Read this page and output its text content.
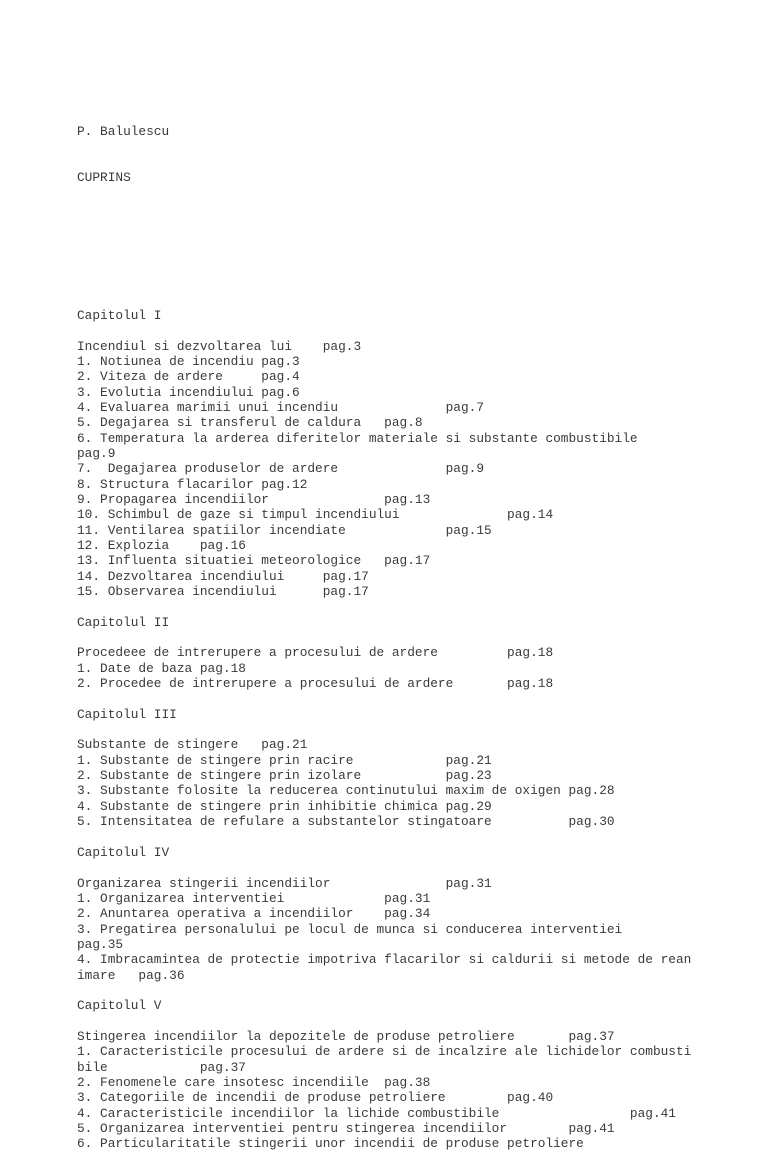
P. Balulescu

CUPRINS

Capitolul I
Incendiul si dezvoltarea lui    pag.3
1. Notiunea de incendiu pag.3
2. Viteza de ardere     pag.4
3. Evolutia incendiului pag.6
4. Evaluarea marimii unui incendiu              pag.7
5. Degajarea si transferul de caldura   pag.8
6. Temperatura la arderea diferitelor materiale si substante combustibile
pag.9
7.  Degajarea produselor de ardere              pag.9
8. Structura flacarilor pag.12
9. Propagarea incendiilor               pag.13
10. Schimbul de gaze si timpul incendiului              pag.14
11. Ventilarea spatiilor incendiate             pag.15
12. Explozia    pag.16
13. Influenta situatiei meteorologice   pag.17
14. Dezvoltarea incendiului     pag.17
15. Observarea incendiului      pag.17
Capitolul II
Procedeee de intrerupere a procesului de ardere         pag.18
1. Date de baza pag.18
2. Procedee de intrerupere a procesului de ardere       pag.18
Capitolul III
Substante de stingere   pag.21
1. Substante de stingere prin racire            pag.21
2. Substante de stingere prin izolare           pag.23
3. Substante folosite la reducerea continutului maxim de oxigen pag.28
4. Substante de stingere prin inhibitie chimica pag.29
5. Intensitatea de refulare a substantelor stingatoare          pag.30
Capitolul IV
Organizarea stingerii incendiilor               pag.31
1. Organizarea interventiei             pag.31
2. Anuntarea operativa a incendiilor    pag.34
3. Pregatirea personalului pe locul de munca si conducerea interventiei
pag.35
4. Imbracamintea de protectie impotriva flacarilor si caldurii si metode de rean
imare   pag.36
Capitolul V
Stingerea incendiilor la depozitele de produse petroliere       pag.37
1. Caracteristicile procesului de ardere si de incalzire ale lichidelor combusti
bile            pag.37
2. Fenomenele care insotesc incendiile  pag.38
3. Categoriile de incendii de produse petroliere        pag.40
4. Caracteristicile incendiilor la lichide combustibile                 pag.41
5. Organizarea interventiei pentru stingerea incendiilor        pag.41
6. Particularitatile stingerii unor incendii de produse petroliere
